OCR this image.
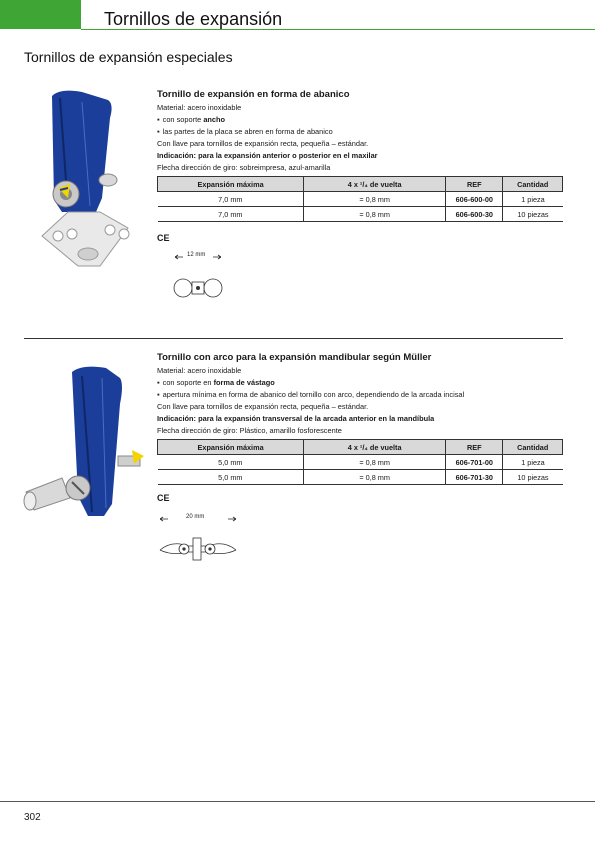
Tornillos de expansión
Tornillos de expansión especiales

Tornillo de expansión en forma de abanico

Material: acero inoxidable

▪ con soporte ancho

▪ las partes de la placa se abren en forma de abanico

Con llave para tornillos de expansión recta, pequeña – estándar.

Indicación: para la expansión anterior o posterior en el maxilar

Flecha dirección de giro: sobreimpresa, azul-amarilla

Expansión máxima	4 x ¹/₄ de vuelta	REF	Cantidad
7,0 mm	= 0,8 mm	606-600-00	1 pieza
7,0 mm	= 0,8 mm	606-600-30	10 piezas
CE
12 mm

Tornillo con arco para la expansión mandibular según Müller

Material: acero inoxidable

▪ con soporte en forma de vástago

▪ apertura mínima en forma de abanico del tornillo con arco, dependiendo de la arcada incisal

Con llave para tornillos de expansión recta, pequeña – estándar.

Indicación: para la expansión transversal de la arcada anterior en la mandíbula

Flecha dirección de giro: Plástico, amarillo fosforescente

Expansión máxima	4 x ¹/₄ de vuelta	REF	Cantidad
5,0 mm	= 0,8 mm	606-701-00	1 pieza
5,0 mm	= 0,8 mm	606-701-30	10 piezas
CE
20 mm
302
